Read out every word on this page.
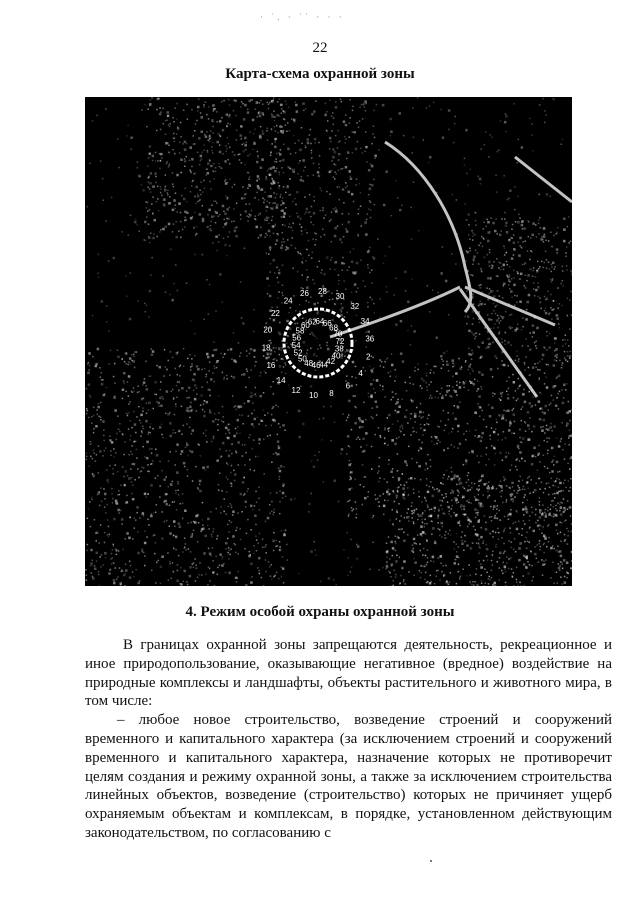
· ˙. · ˙˙ · · ·
22
Карта-схема охранной зоны
2
4
6
8
10
12
14
16
18
20
22
24
26 28
30
32
34
36
38
40
42
44
46
48
50
52
54
56
58
60
62
64
66
68
70
72
4. Режим особой охраны охранной зоны

В границах охранной зоны запрещаются деятельность, рекреационное и иное природопользование, оказывающие негативное (вредное) воздействие на природные комплексы и ландшафты, объекты растительного и животного мира, в том числе:

– любое новое строительство, возведение строений и сооружений временного и капитального характера (за исключением строений и сооружений временного и капитального характера, назначение которых не противоречит целям создания и режиму охранной зоны, а также за исключением строительства линейных объектов, возведение (строительство) которых не причиняет ущерб охраняемым объектам и комплексам, в порядке, установленном действующим законодательством, по согласованию с
